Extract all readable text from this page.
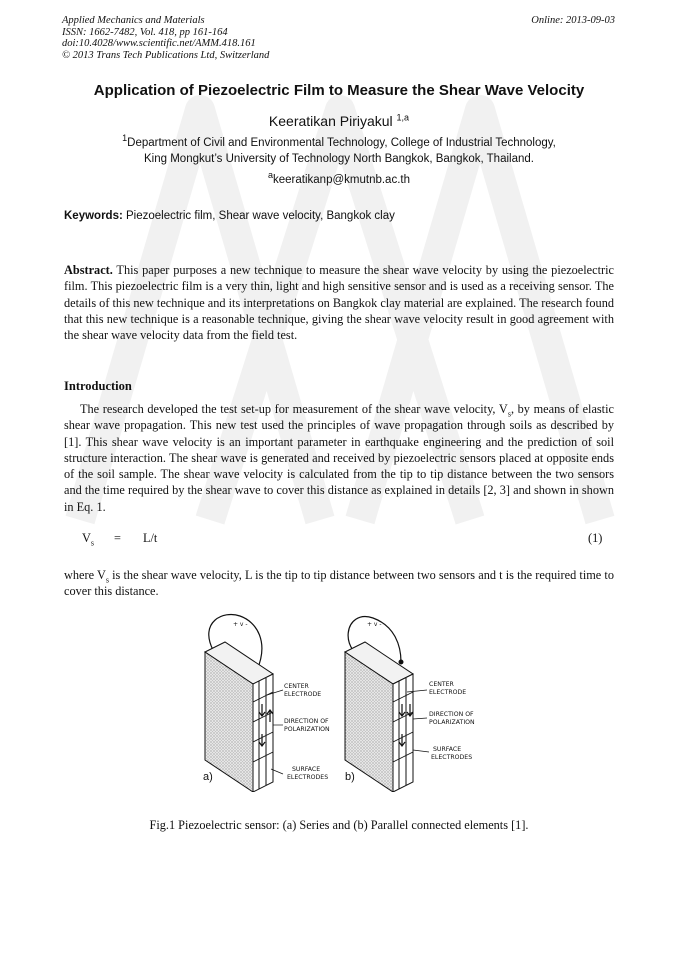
Applied Mechanics and Materials
ISSN: 1662-7482, Vol. 418, pp 161-164
doi:10.4028/www.scientific.net/AMM.418.161
© 2013 Trans Tech Publications Ltd, Switzerland
Online: 2013-09-03
Application of Piezoelectric Film to Measure the Shear Wave Velocity
Keeratikan Piriyakul $^{1,a}$
$^1$Department of Civil and Environmental Technology, College of Industrial Technology,
King Mongkut’s University of Technology North Bangkok, Bangkok, Thailand.
$^a$keeratikanp@kmutnb.ac.th
Keywords: Piezoelectric film, Shear wave velocity, Bangkok clay
Abstract. This paper purposes a new technique to measure the shear wave velocity by using the piezoelectric film. This piezoelectric film is a very thin, light and high sensitive sensor and is used as a receiving sensor. The details of this new technique and its interpretations on Bangkok clay material are explained. The research found that this new technique is a reasonable technique, giving the shear wave velocity result in good agreement with the shear wave velocity data from the field test.
Introduction
The research developed the test set-up for measurement of the shear wave velocity, $V_s$, by means of elastic shear wave propagation. This new test used the principles of wave propagation through soils as described by [1]. This shear wave velocity is an important parameter in earthquake engineering and the prediction of soil structure interaction. The shear wave is generated and received by piezoelectric sensors placed at opposite ends of the soil sample. The shear wave velocity is calculated from the tip to tip distance between the two sensors and the time required by the shear wave to cover this distance as explained in details [2, 3] and shown in shown in Eq. 1.
$V_s = L/t$	(1)
where $V_s$ is the shear wave velocity, L is the tip to tip distance between two sensors and t is the required time to cover this distance.
+ v -
CENTER
ELECTRODE
DIRECTION OF
POLARIZATION
SURFACE
ELECTRODES
a)
+ v -
CENTER
ELECTRODE
DIRECTION OF
POLARIZATION
SURFACE
ELECTRODES
b)
Fig.1 Piezoelectric sensor: (a) Series and (b) Parallel connected elements [1].
